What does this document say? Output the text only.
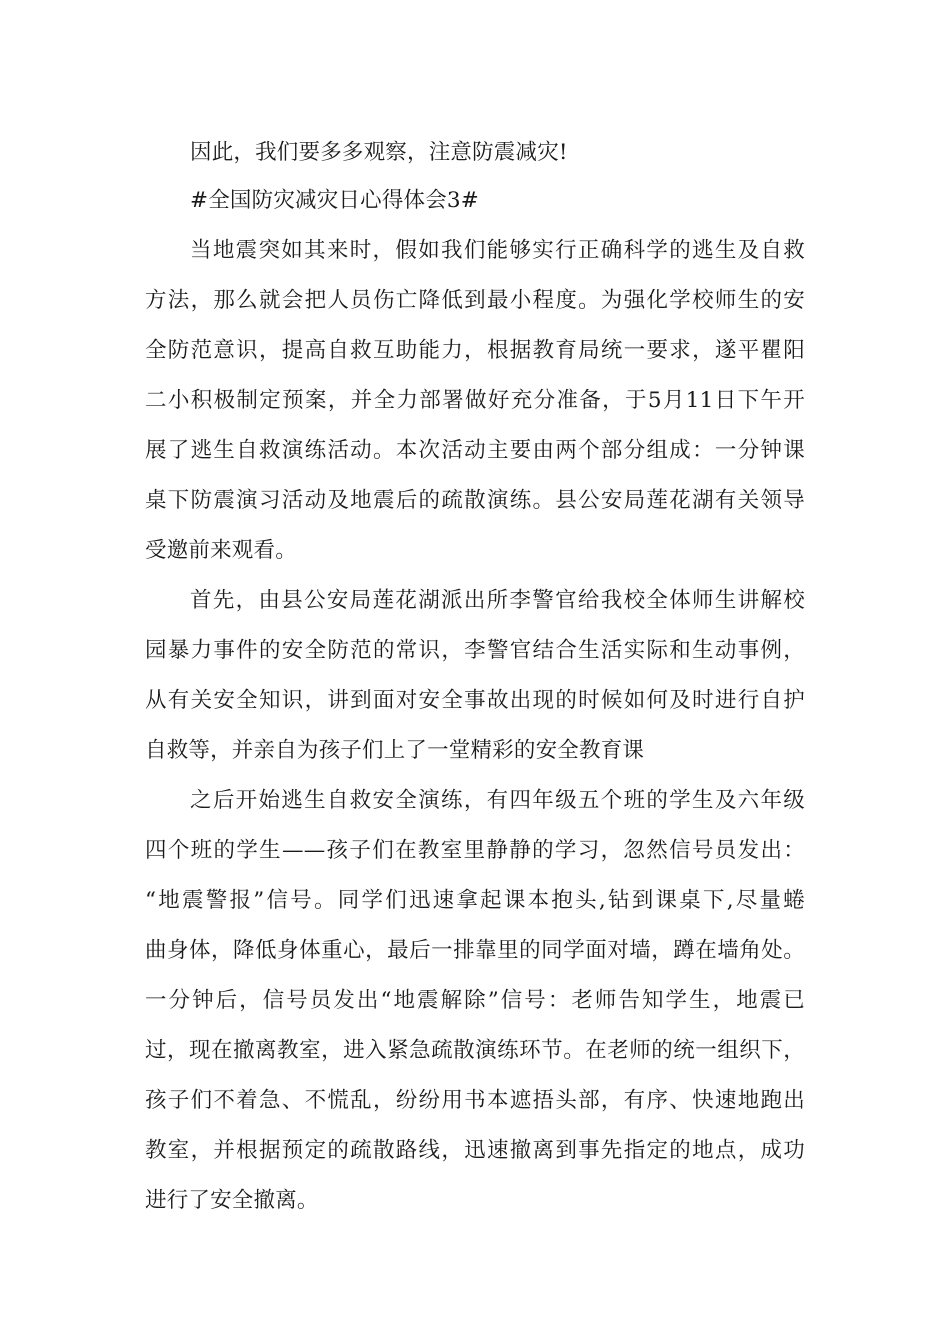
因此，我们要多多观察，注意防震减灾!
#全国防灾减灾日心得体会3#
当地震突如其来时，假如我们能够实行正确科学的逃生及自救
方法，那么就会把人员伤亡降低到最小程度。为强化学校师生的安
全防范意识，提高自救互助能力，根据教育局统一要求，遂平瞿阳
二小积极制定预案，并全力部署做好充分准备，于5月11日下午开
展了逃生自救演练活动。本次活动主要由两个部分组成：一分钟课
桌下防震演习活动及地震后的疏散演练。县公安局莲花湖有关领导
受邀前来观看。
首先，由县公安局莲花湖派出所李警官给我校全体师生讲解校
园暴力事件的安全防范的常识，李警官结合生活实际和生动事例，
从有关安全知识，讲到面对安全事故出现的时候如何及时进行自护
自救等，并亲自为孩子们上了一堂精彩的安全教育课
之后开始逃生自救安全演练，有四年级五个班的学生及六年级
四个班的学生——孩子们在教室里静静的学习，忽然信号员发出：
“地震警报”信号。同学们迅速拿起课本抱头,钻到课桌下,尽量蜷
曲身体，降低身体重心，最后一排靠里的同学面对墙，蹲在墙角处。
一分钟后，信号员发出“地震解除”信号：老师告知学生，地震已
过，现在撤离教室，进入紧急疏散演练环节。在老师的统一组织下，
孩子们不着急、不慌乱，纷纷用书本遮捂头部，有序、快速地跑出
教室，并根据预定的疏散路线，迅速撤离到事先指定的地点，成功
进行了安全撤离。
